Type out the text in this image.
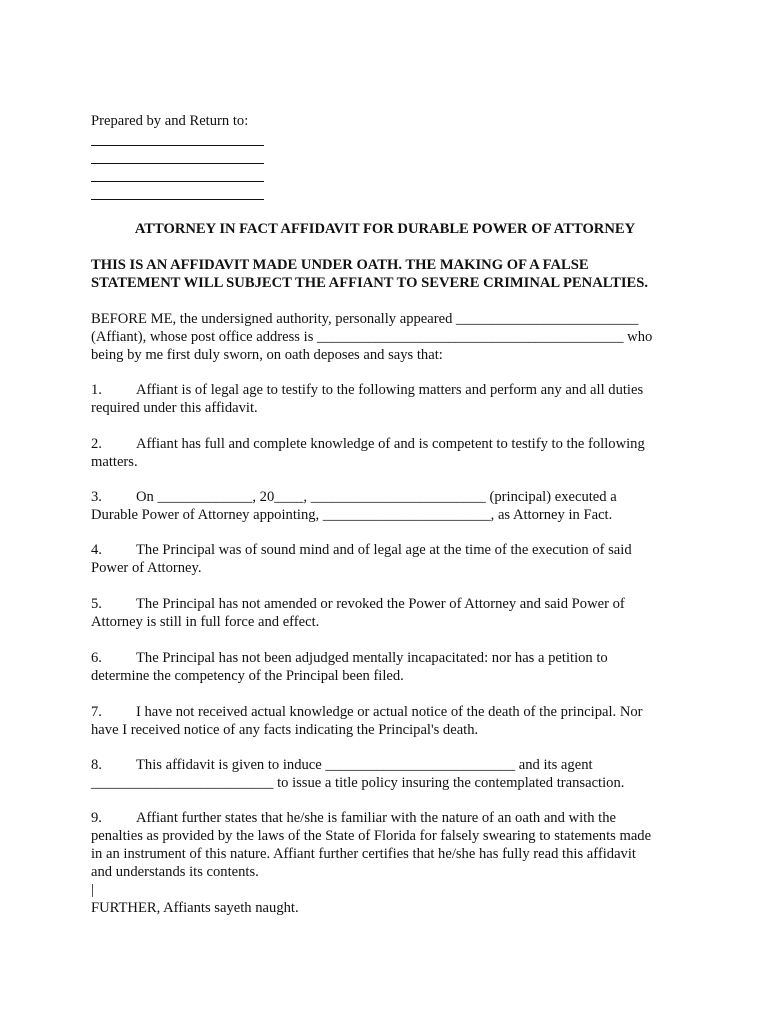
Prepared by and Return to:
ATTORNEY IN FACT AFFIDAVIT FOR DURABLE POWER OF ATTORNEY
THIS IS AN AFFIDAVIT MADE UNDER OATH. THE MAKING OF A FALSE
STATEMENT WILL SUBJECT THE AFFIANT TO SEVERE CRIMINAL PENALTIES.
BEFORE ME, the undersigned authority, personally appeared _________________________
(Affiant), whose post office address is __________________________________________ who
being by me first duly sworn, on oath deposes and says that:
1. Affiant is of legal age to testify to the following matters and perform any and all duties
required under this affidavit.
2. Affiant has full and complete knowledge of and is competent to testify to the following
matters.
3. On _____________, 20____, ________________________ (principal) executed a
Durable Power of Attorney appointing, _______________________, as Attorney in Fact.
4. The Principal was of sound mind and of legal age at the time of the execution of said
Power of Attorney.
5. The Principal has not amended or revoked the Power of Attorney and said Power of
Attorney is still in full force and effect.
6. The Principal has not been adjudged mentally incapacitated: nor has a petition to
determine the competency of the Principal been filed.
7. I have not received actual knowledge or actual notice of the death of the principal. Nor
have I received notice of any facts indicating the Principal's death.
8. This affidavit is given to induce __________________________ and its agent
_________________________ to issue a title policy insuring the contemplated transaction.
9. Affiant further states that he/she is familiar with the nature of an oath and with the
penalties as provided by the laws of the State of Florida for falsely swearing to statements made
in an instrument of this nature. Affiant further certifies that he/she has fully read this affidavit
and understands its contents.
|
FURTHER, Affiants sayeth naught.
